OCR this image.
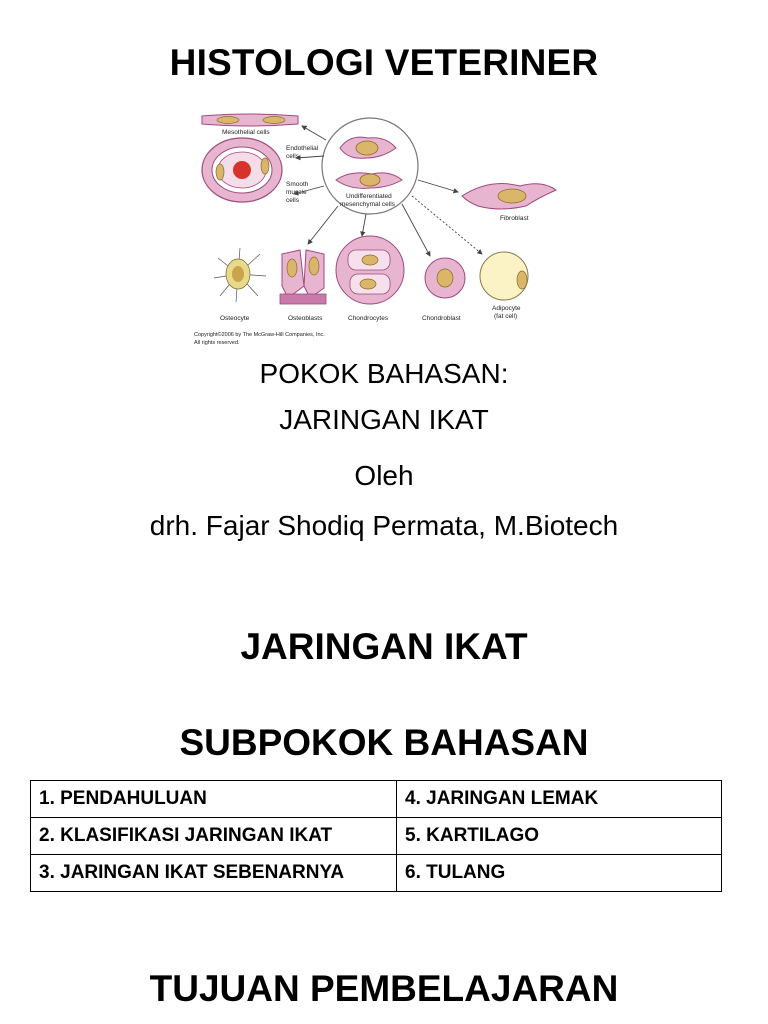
HISTOLOGI VETERINER
Undifferentiated
mesenchymal cells
Mesothelial cells
Endothelial
cells
Smooth
muscle
cells
Fibroblast
Osteocyte	Osteoblasts	Chondrocytes	Chondroblast
Adipocyte
(fat cell)
Copyright©2006 by The McGraw-Hill Companies, Inc.
All rights reserved.
POKOK BAHASAN:
JARINGAN IKAT
Oleh
drh. Fajar Shodiq Permata, M.Biotech
JARINGAN IKAT
SUBPOKOK BAHASAN
1. PENDAHULUAN	4. JARINGAN LEMAK
2. KLASIFIKASI JARINGAN IKAT	5. KARTILAGO
3. JARINGAN IKAT SEBENARNYA	6. TULANG
TUJUAN PEMBELAJARAN
